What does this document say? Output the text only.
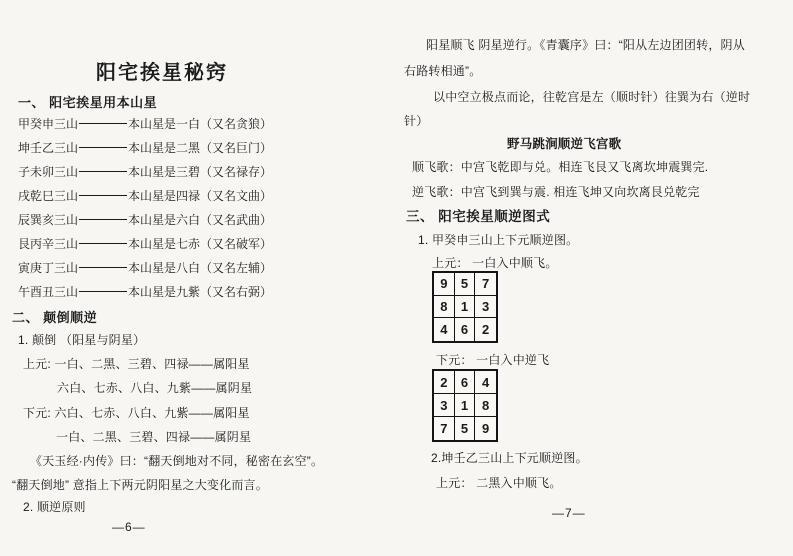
阳宅挨星秘窍
一、 阳宅挨星用本山星
甲癸申三山	本山星是一白（又名贪狼）
坤壬乙三山	本山星是二黑（又名巨门）
子未卯三山	本山星是三碧（又名禄存）
戌乾巳三山	本山星是四禄（又名文曲）
辰巽亥三山	本山星是六白（又名武曲）
艮丙辛三山	本山星是七赤（又名破军）
寅庚丁三山	本山星是八白（又名左辅）
午酉丑三山	本山星是九紫（又名右弼）
二、 颠倒顺逆
1. 颠倒 （阳星与阴星）
上元: 一白、二黑、三碧、四禄——属阳星
六白、七赤、八白、九紫——属阴星
下元: 六白、七赤、八白、九紫——属阳星
一白、二黑、三碧、四禄——属阴星
《天玉经·内传》曰：“翻天倒地对不同，秘密在玄空”。
“翻天倒地” 意指上下两元阴阳星之大变化而言。
2. 顺逆原则
—6—
阳星顺飞 阴星逆行。《青囊序》曰：“阳从左边团团转，阴从
右路转相通”。
以中空立极点而论，往乾宫是左（顺时针）往巽为右（逆时
针）
野马跳涧顺逆飞宫歌
顺飞歌：中宫飞乾即与兑。相连飞艮又飞离坎坤震巽完.
逆飞歌：中宫飞到巽与震. 相连飞坤又向坎离艮兑乾完
三、 阳宅挨星顺逆图式
1. 甲癸申三山上下元顺逆图。
上元： 一白入中顺飞。
9	5	7
8	1	3
4	6	2
下元： 一白入中逆飞
2	6	4
3	1	8
7	5	9
2.坤壬乙三山上下元顺逆图。
上元： 二黑入中顺飞。
—7—
